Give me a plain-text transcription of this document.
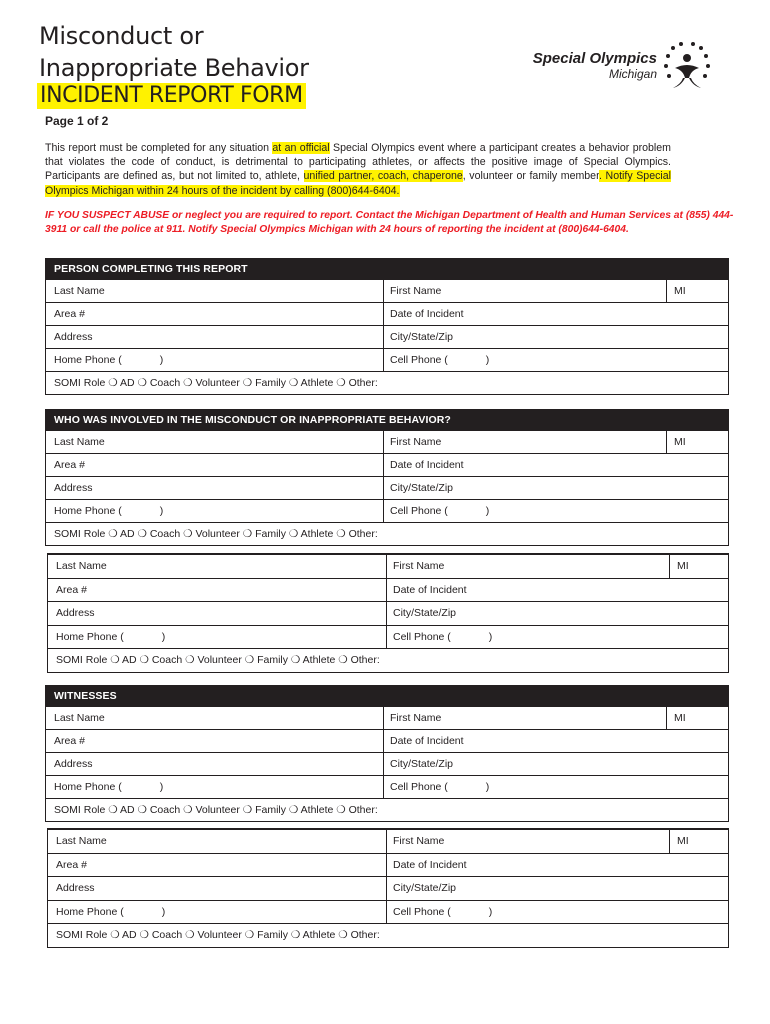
Misconduct or
Inappropriate Behavior
INCIDENT REPORT FORM
Special Olympics
Michigan
Page 1 of 2
This report must be completed for any situation at an official Special Olympics event where a participant creates a behavior problem that violates the code of conduct, is detrimental to participating athletes, or affects the positive image of Special Olympics. Participants are defined as, but not limited to, athlete, unified partner, coach, chaperone, volunteer or family member. Notify Special Olympics Michigan within 24 hours of the incident by calling (800)644-6404.
IF YOU SUSPECT ABUSE or neglect you are required to report. Contact the Michigan Department of Health and Human Services at (855) 444-3911 or call the police at 911. Notify Special Olympics Michigan with 24 hours of reporting the incident at (800)644-6404.
PERSON COMPLETING THIS REPORT
Last Name	First Name	MI
Area #	Date of Incident
Address	City/State/Zip
Home Phone (	)	Cell Phone (	)
SOMI Role ❍ AD ❍ Coach ❍ Volunteer ❍ Family ❍ Athlete ❍ Other:
WHO WAS INVOLVED IN THE MISCONDUCT OR INAPPROPRIATE BEHAVIOR?
Last Name	First Name	MI
Area #	Date of Incident
Address	City/State/Zip
Home Phone (	)	Cell Phone (	)
SOMI Role ❍ AD ❍ Coach ❍ Volunteer ❍ Family ❍ Athlete ❍ Other:
Last Name	First Name	MI
Area #	Date of Incident
Address	City/State/Zip
Home Phone (	)	Cell Phone (	)
SOMI Role ❍ AD ❍ Coach ❍ Volunteer ❍ Family ❍ Athlete ❍ Other:
WITNESSES
Last Name	First Name	MI
Area #	Date of Incident
Address	City/State/Zip
Home Phone (	)	Cell Phone (	)
SOMI Role ❍ AD ❍ Coach ❍ Volunteer ❍ Family ❍ Athlete ❍ Other:
Last Name	First Name	MI
Area #	Date of Incident
Address	City/State/Zip
Home Phone (	)	Cell Phone (	)
SOMI Role ❍ AD ❍ Coach ❍ Volunteer ❍ Family ❍ Athlete ❍ Other:
